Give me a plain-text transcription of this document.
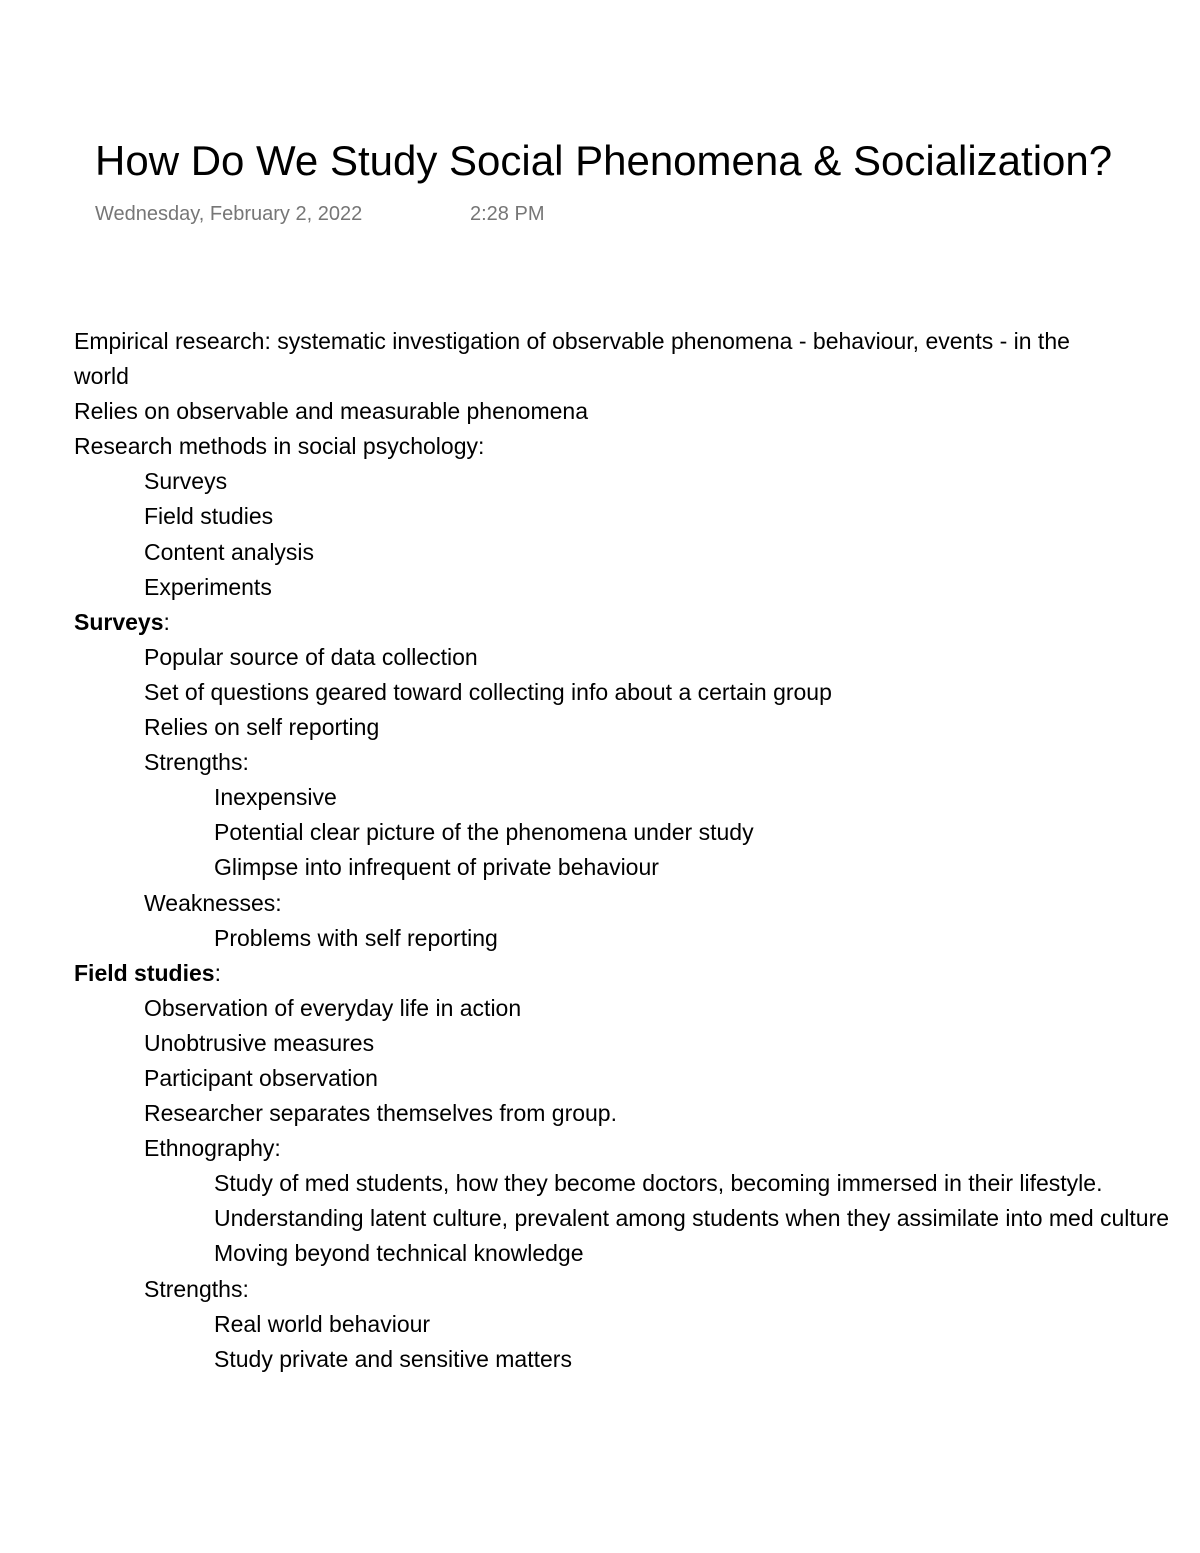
How Do We Study Social Phenomena & Socialization?
Wednesday, February 2, 2022	2:28 PM
Empirical research: systematic investigation of observable phenomena - behaviour, events - in the
world
Relies on observable and measurable phenomena
Research methods in social psychology:
Surveys
Field studies
Content analysis
Experiments
Surveys:
Popular source of data collection
Set of questions geared toward collecting info about a certain group
Relies on self reporting
Strengths:
Inexpensive
Potential clear picture of the phenomena under study
Glimpse into infrequent of private behaviour
Weaknesses:
Problems with self reporting
Field studies:
Observation of everyday life in action
Unobtrusive measures
Participant observation
Researcher separates themselves from group.
Ethnography:
Study of med students, how they become doctors, becoming immersed in their lifestyle.
Understanding latent culture, prevalent among students when they assimilate into med culture
Moving beyond technical knowledge
Strengths:
Real world behaviour
Study private and sensitive matters
